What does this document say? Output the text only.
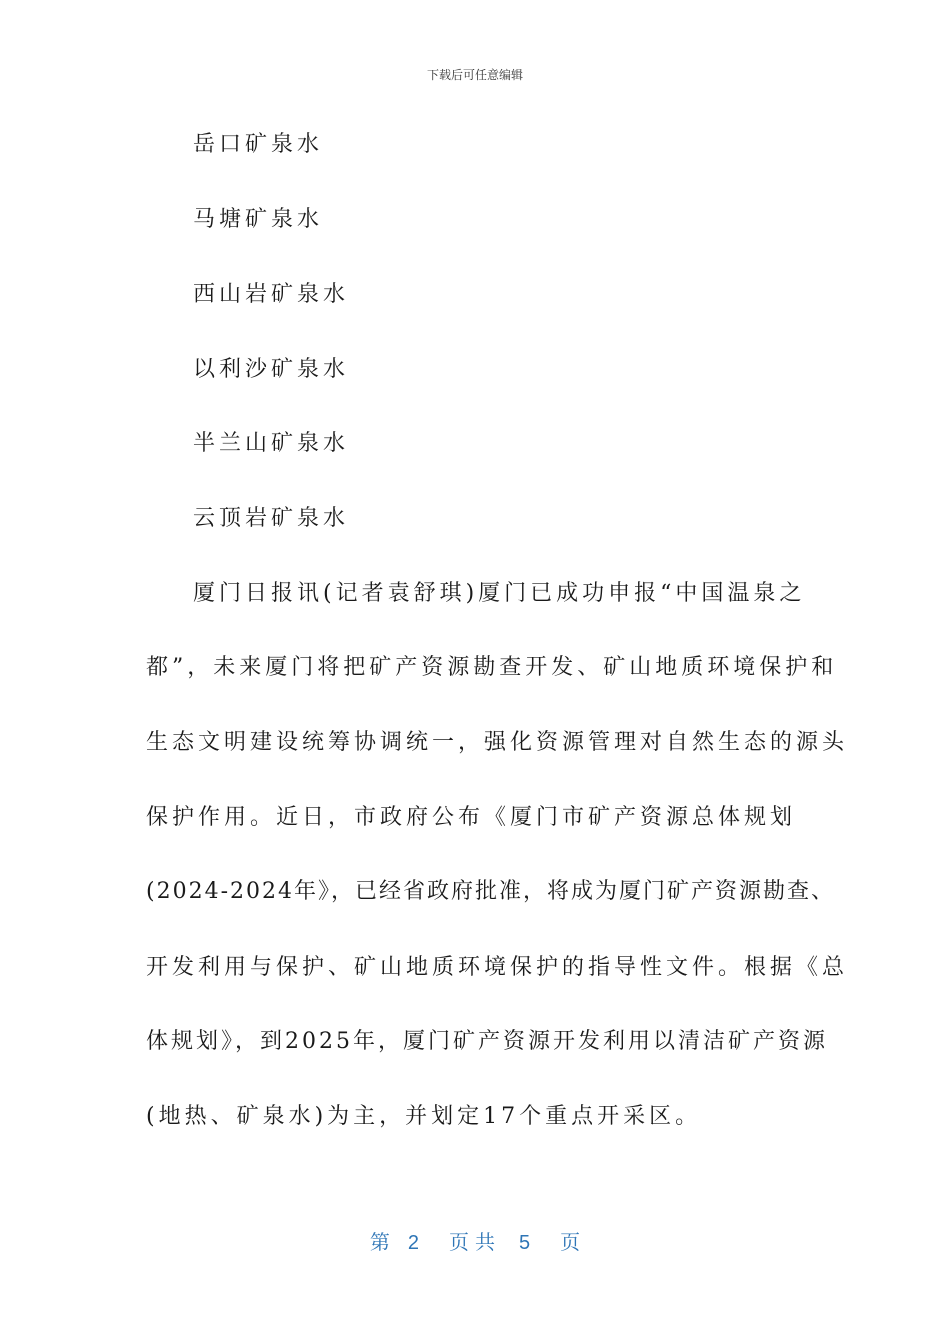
下载后可任意编辑
岳口矿泉水
马塘矿泉水
西山岩矿泉水
以利沙矿泉水
半兰山矿泉水
云顶岩矿泉水
厦门日报讯(记者袁舒琪)厦门已成功申报“中国温泉之
都”，未来厦门将把矿产资源勘查开发、矿山地质环境保护和
生态文明建设统筹协调统一，强化资源管理对自然生态的源头
保护作用。近日，市政府公布《厦门市矿产资源总体规划
(2024-2024年》，已经省政府批准，将成为厦门矿产资源勘查、
开发利用与保护、矿山地质环境保护的指导性文件。根据《总
体规划》，到2025年，厦门矿产资源开发利用以清洁矿产资源
(地热、矿泉水)为主，并划定17个重点开采区。
第 2 页共 5 页
